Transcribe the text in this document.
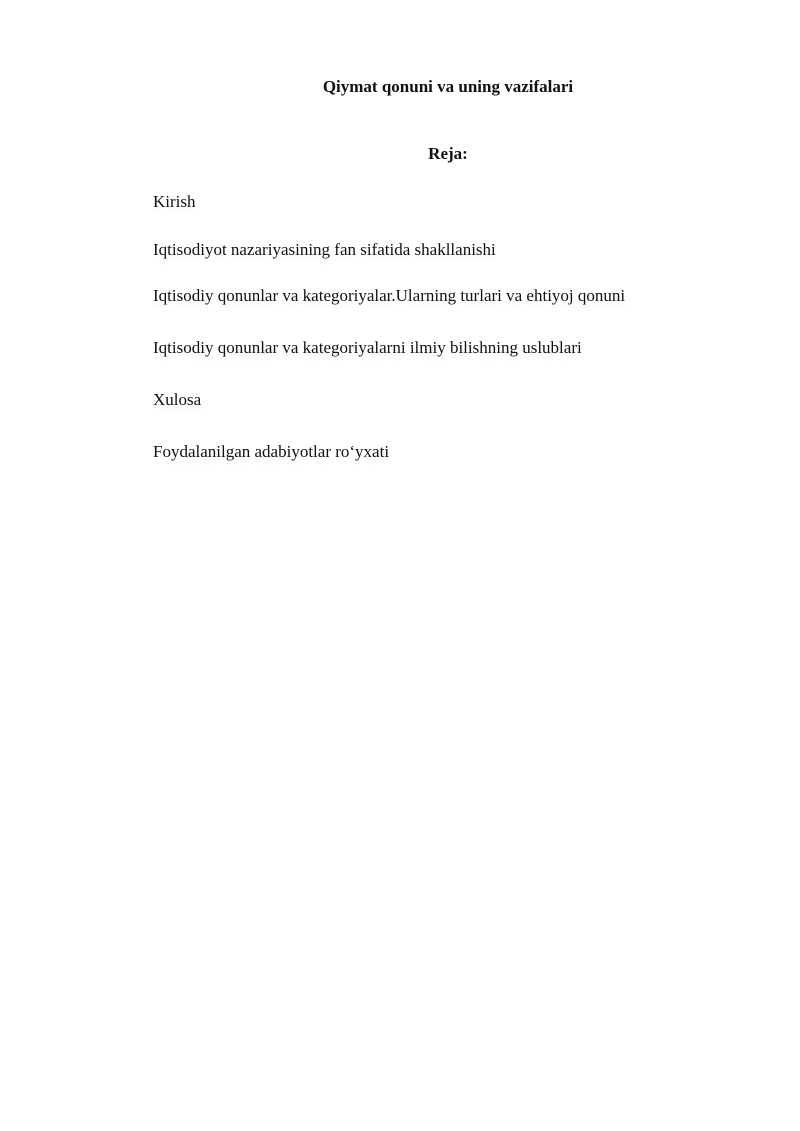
Qiymat qonuni va uning vazifalari
Reja:
Kirish
Iqtisodiyot nazariyasining fan sifatida shakllanishi
Iqtisodiy qonunlar va kategoriyalar.Ularning turlari va ehtiyoj qonuni
Iqtisodiy qonunlar va kategoriyalarni ilmiy bilishning uslublari
Xulosa
Foydalanilgan adabiyotlar ro‘yxati
